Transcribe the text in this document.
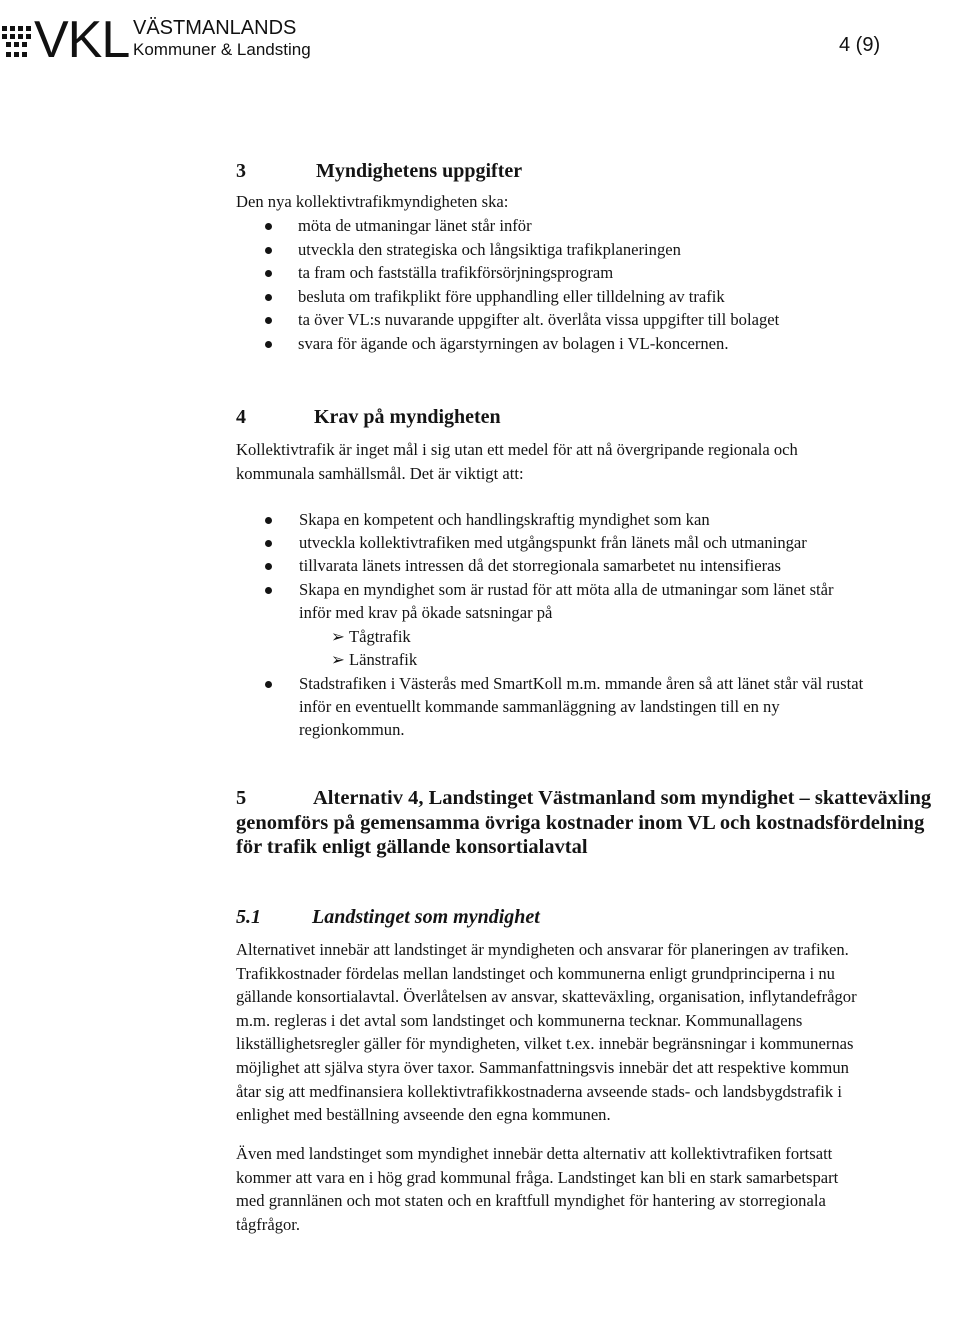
VKL VÄSTMANLANDS
Kommuner & Landsting	4 (9)
3	Myndighetens uppgifter
Den nya kollektivtrafikmyndigheten ska:
möta de utmaningar länet står inför
utveckla den strategiska och långsiktiga trafikplaneringen
ta fram och fastställa trafikförsörjningsprogram
besluta om trafikplikt före upphandling eller tilldelning av trafik
ta över VL:s nuvarande uppgifter alt. överlåta vissa uppgifter till bolaget
svara för ägande och ägarstyrningen av bolagen i VL-koncernen.
4	Krav på myndigheten
Kollektivtrafik är inget mål i sig utan ett medel för att nå övergripande regionala och
kommunala samhällsmål. Det är viktigt att:
Skapa en kompetent och handlingskraftig myndighet som kan
utveckla kollektivtrafiken med utgångspunkt från länets mål och utmaningar
tillvarata länets intressen då det storregionala samarbetet nu intensifieras
Skapa en myndighet som är rustad för att möta alla de utmaningar som länet står
inför med krav på ökade satsningar på
➢ Tågtrafik
➢ Länstrafik
Stadstrafiken i Västerås med SmartKoll m.m. mmande åren så att länet står väl rustat
inför en eventuellt kommande sammanläggning av landstingen till en ny
regionkommun.
5	Alternativ 4, Landstinget Västmanland som myndighet – skatteväxling
genomförs på gemensamma övriga kostnader inom VL och kostnadsfördelning
för trafik enligt gällande konsortialavtal
5.1	Landstinget som myndighet
Alternativet innebär att landstinget är myndigheten och ansvarar för planeringen av trafiken.
Trafikkostnader fördelas mellan landstinget och kommunerna enligt grundprinciperna i nu
gällande konsortialavtal. Överlåtelsen av ansvar, skatteväxling, organisation, inflytandefrågor
m.m. regleras i det avtal som landstinget och kommunerna tecknar. Kommunallagens
likställighetsregler gäller för myndigheten, vilket t.ex. innebär begränsningar i kommunernas
möjlighet att själva styra över taxor. Sammanfattningsvis innebär det att respektive kommun
åtar sig att medfinansiera kollektivtrafikkostnaderna avseende stads- och landsbygdstrafik i
enlighet med beställning avseende den egna kommunen.
Även med landstinget som myndighet innebär detta alternativ att kollektivtrafiken fortsatt
kommer att vara en i hög grad kommunal fråga. Landstinget kan bli en stark samarbetspart
med grannlänen och mot staten och en kraftfull myndighet för hantering av storregionala
tågfrågor.
